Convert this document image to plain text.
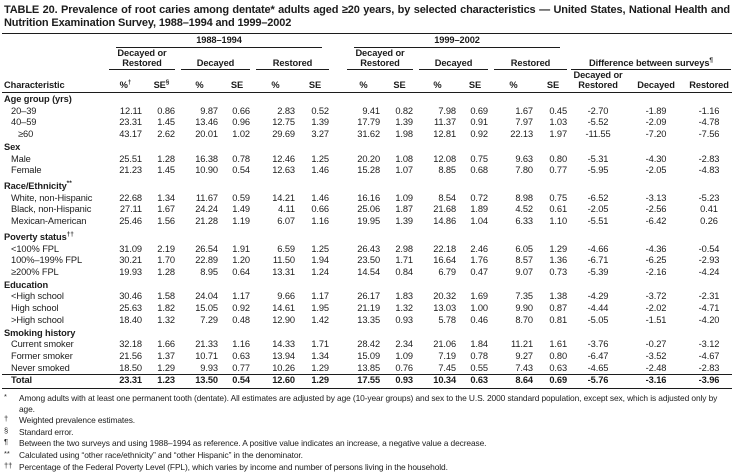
TABLE 20. Prevalence of root caries among dentate* adults aged ≥20 years, by selected characteristics — United States, National Health and Nutrition Examination Survey, 1988–1994 and 1999–2002

	1988–1994							1999–2002								

	Decayed or Restored		Decayed		Restored			Decayed or Restored		Decayed		Restored		Difference between surveys¶

Characteristic	%†	SE§	%	SE	%	SE		%	SE	%	SE	%	SE	Decayed or Restored	Decayed	Restored
Age group (yrs)																
20–39	12.11	0.86	9.87	0.66	2.83	0.52		9.41	0.82	7.98	0.69	1.67	0.45	-2.70	-1.89	-1.16
40–59	23.31	1.45	13.46	0.96	12.75	1.39		17.79	1.39	11.37	0.91	7.97	1.03	-5.52	-2.09	-4.78
≥60	43.17	2.62	20.01	1.02	29.69	3.27		31.62	1.98	12.81	0.92	22.13	1.97	-11.55	-7.20	-7.56
Sex																
Male	25.51	1.28	16.38	0.78	12.46	1.25		20.20	1.08	12.08	0.75	9.63	0.80	-5.31	-4.30	-2.83
Female	21.23	1.45	10.90	0.54	12.63	1.46		15.28	1.07	8.85	0.68	7.80	0.77	-5.95	-2.05	-4.83
Race/Ethnicity**
White, non-Hispanic	22.68	1.34	11.67	0.59	14.21	1.46		16.16	1.09	8.54	0.72	8.98	0.75	-6.52	-3.13	-5.23
Black, non-Hispanic	27.11	1.67	24.24	1.49	4.11	0.66		25.06	1.87	21.68	1.89	4.52	0.61	-2.05	-2.56	0.41
Mexican-American	25.46	1.56	21.28	1.19	6.07	1.16		19.95	1.39	14.86	1.04	6.33	1.10	-5.51	-6.42	0.26
Poverty status††
<100% FPL	31.09	2.19	26.54	1.91	6.59	1.25		26.43	2.98	22.18	2.46	6.05	1.29	-4.66	-4.36	-0.54
100%–199% FPL	30.21	1.70	22.89	1.20	11.50	1.94		23.50	1.71	16.64	1.76	8.57	1.36	-6.71	-6.25	-2.93
≥200% FPL	19.93	1.28	8.95	0.64	13.31	1.24		14.54	0.84	6.79	0.47	9.07	0.73	-5.39	-2.16	-4.24
Education																
<High school	30.46	1.58	24.04	1.17	9.66	1.17		26.17	1.83	20.32	1.69	7.35	1.38	-4.29	-3.72	-2.31
High school	25.63	1.82	15.05	0.92	14.61	1.95		21.19	1.32	13.03	1.00	9.90	0.87	-4.44	-2.02	-4.71
>High school	18.40	1.32	7.29	0.48	12.90	1.42		13.35	0.93	5.78	0.46	8.70	0.81	-5.05	-1.51	-4.20
Smoking history																
Current smoker	32.18	1.66	21.33	1.16	14.33	1.71		28.42	2.34	21.06	1.84	11.21	1.61	-3.76	-0.27	-3.12
Former smoker	21.56	1.37	10.71	0.63	13.94	1.34		15.09	1.09	7.19	0.78	9.27	0.80	-6.47	-3.52	-4.67
Never smoked	18.50	1.29	9.93	0.77	10.26	1.29		13.85	0.76	7.45	0.55	7.43	0.63	-4.65	-2.48	-2.83
Total	23.31	1.23	13.50	0.54	12.60	1.29		17.55	0.93	10.34	0.63	8.64	0.69	-5.76	-3.16	-3.96
*	Among adults with at least one permanent tooth (dentate). All estimates are adjusted by age (10-year groups) and sex to the U.S. 2000 standard population, except sex, which is adjusted only by age.
†	Weighted prevalence estimates.
§	Standard error.
¶	Between the two surveys and using 1988–1994 as reference. A positive value indicates an increase, a negative value a decrease.
**	Calculated using “other race/ethnicity” and “other Hispanic” in the denominator.
†† Percentage of the Federal Poverty Level (FPL), which varies by income and number of persons living in the household.
